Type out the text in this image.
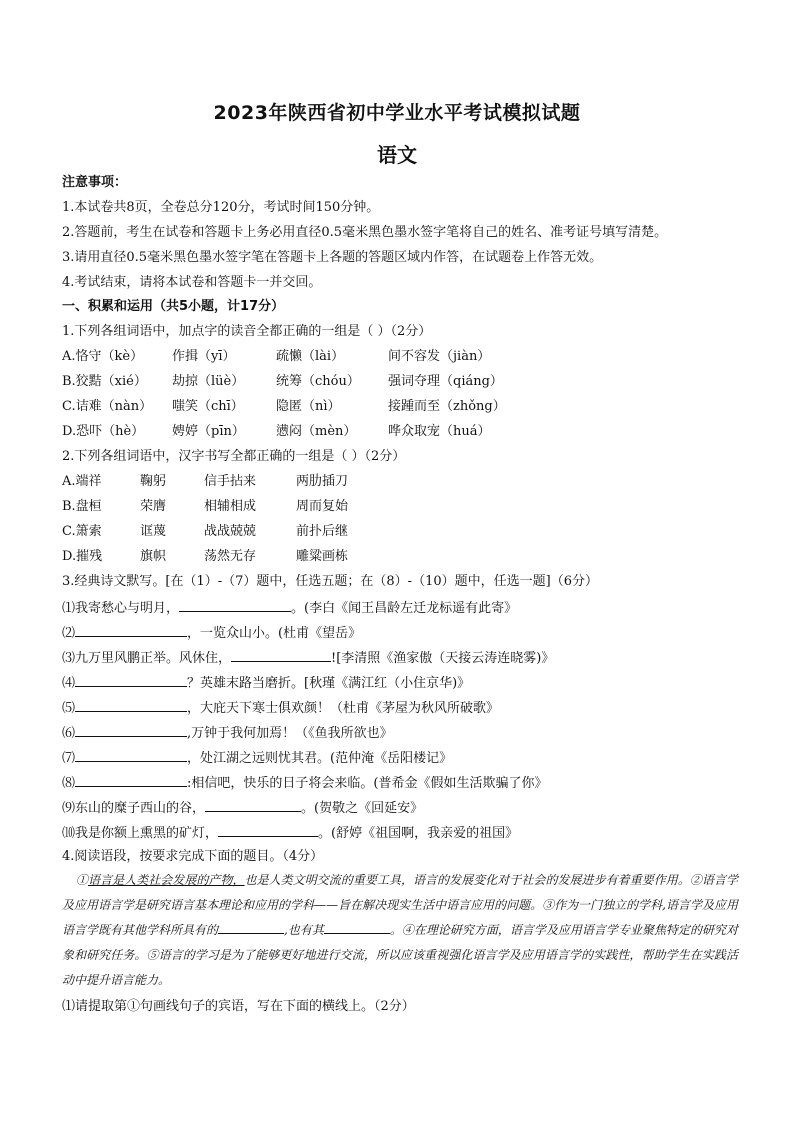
2023年陕西省初中学业水平考试模拟试题
语文
注意事项：
1.本试卷共8页，全卷总分120分，考试时间150分钟。
2.答题前，考生在试卷和答题卡上务必用直径0.5毫米黑色墨水签字笔将自己的姓名、准考证号填写清楚。
3.请用直径0.5毫米黑色墨水签字笔在答题卡上各题的答题区域内作答，在试题卷上作答无效。
4.考试结束，请将本试卷和答题卡一并交回。
一、积累和运用（共5小题，计17分）
1.下列各组词语中，加点字的读音全都正确的一组是（ ）（2分）
A.恪守（kè） 作揖（yī）	疏懒（lài）	间不容发（jiàn）
B.狡黠（xié） 劫掠（lüè） 统筹（chóu） 强词夺理（qiáng）
C.诘难（nàn） 嗤笑（chī） 隐匿（nì）	接踵而至（zhǒng）
D.恐吓（hè） 娉婷（pīn） 懑闷（mèn） 哗众取宠（huá）
2.下列各组词语中，汉字书写全都正确的一组是（ ）（2分）
A.端祥	鞠躬	信手拈来	两肋插刀
B.盘桓	荣膺	相辅相成	周而复始
C.箫索	诓蔑	战战兢兢	前扑后继
D.摧残	旗帜	荡然无存	雕粱画栋
3.经典诗文默写。[在（1）-（7）题中，任选五题；在（8）-（10）题中，任选一题]（6分）
⑴我寄愁心与明月，	。(李白《闻王昌龄左迁龙标遥有此寄》
⑵	，一览众山小。(杜甫《望岳》
⑶九万里风鹏正举。风休住，	![李清照《渔家傲（天接云涛连晓雾)》
⑷	？英雄末路当磨折。[秋瑾《满江红（小住京华)》
⑸	，大庇天下寒士俱欢颜！（杜甫《茅屋为秋风所破歌》
⑹	,万钟于我何加焉！（《鱼我所欲也》
⑺	，处江湖之远则忧其君。(范仲淹《岳阳楼记》
⑻	:相信吧，快乐的日子将会来临。(普希金《假如生活欺骗了你》
⑼东山的糜子西山的谷，	。(贺敬之《回延安》
⑽我是你额上熏黑的矿灯，	。(舒婷《祖国啊，我亲爱的祖国》
4.阅读语段，按要求完成下面的题目。（4分）
①语言是人类社会发展的产物，也是人类文明交流的重要工具，语言的发展变化对于社会的发展进步有着重要作用。②语言学及应用语言学是研究语言基本理论和应用的学科——旨在解决现实生活中语言应用的问题。③作为一门独立的学科,语言学及应用语言学既有其他学科所具有的	,也有其	。④在理论研究方面，语言学及应用语言学专业聚焦特定的研究对象和研究任务。⑤语言的学习是为了能够更好地进行交流，所以应该重视强化语言学及应用语言学的实践性，帮助学生在实践活动中提升语言能力。
⑴请提取第①句画线句子的宾语，写在下面的横线上。（2分）
